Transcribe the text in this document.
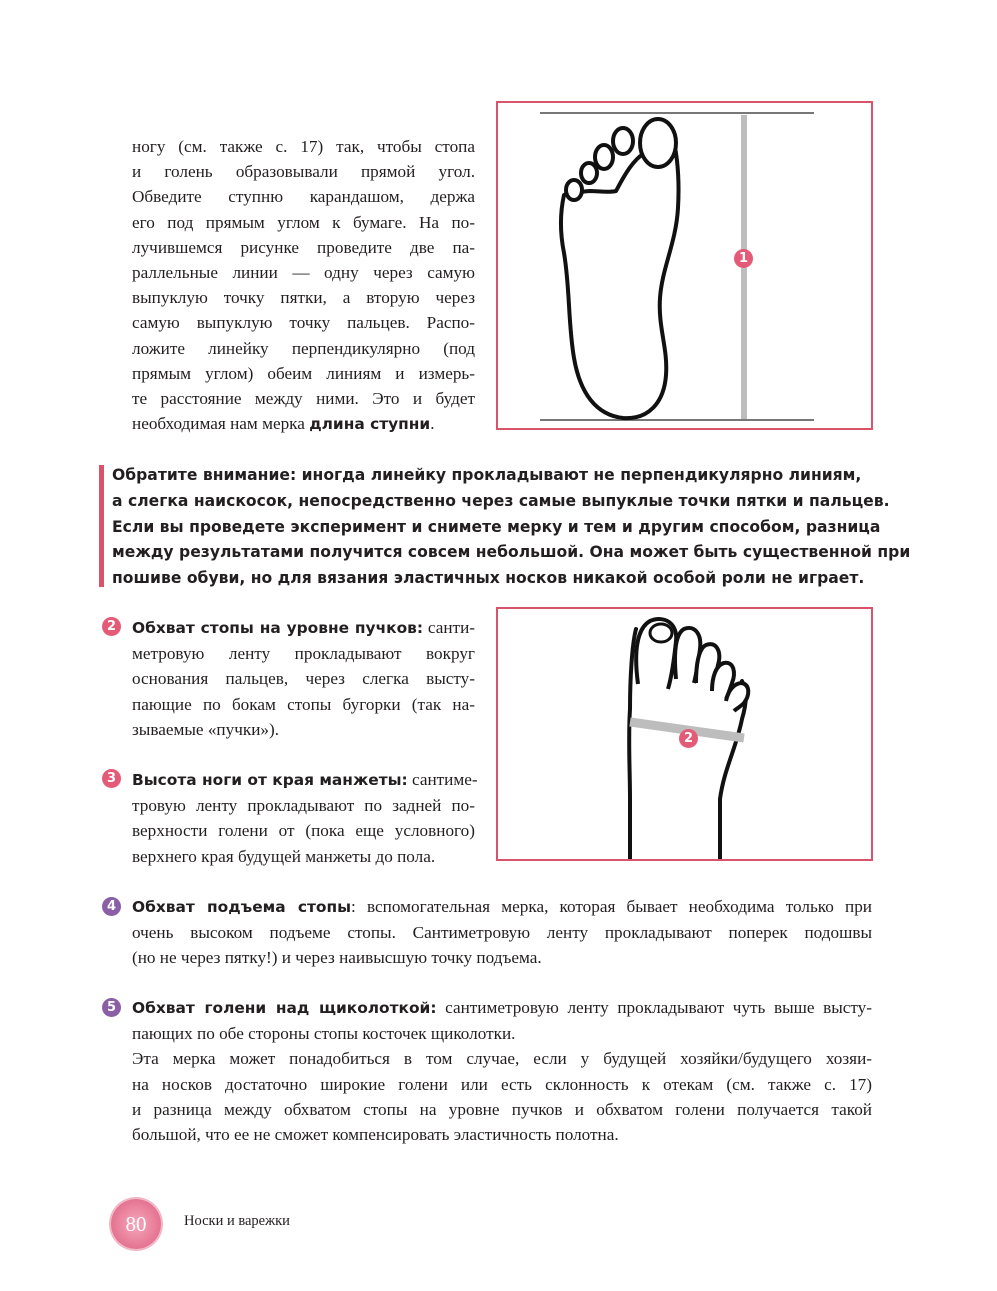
ногу (см. также с. 17) так, чтобы стопа
и голень образовывали прямой угол.
Обведите ступню карандашом, держа
его под прямым углом к бумаге. На по-
лучившемся рисунке проведите две па-
раллельные линии — одну через самую
выпуклую точку пятки, а вторую через
самую выпуклую точку пальцев. Распо-
ложите линейку перпендикулярно (под
прямым углом) обеим линиям и измерь-
те расстояние между ними. Это и будет
необходимая нам мерка длина ступни.
1
Обратите внимание: иногда линейку прокладывают не перпендикулярно линиям,
а слегка наискосок, непосредственно через самые выпуклые точки пятки и пальцев.
Если вы проведете эксперимент и снимете мерку и тем и другим способом, разница
между результатами получится совсем небольшой. Она может быть существенной при
пошиве обуви, но для вязания эластичных носков никакой особой роли не играет.
2	Обхват стопы на уровне пучков: санти-
метровую ленту прокладывают вокруг
основания пальцев, через слегка высту-
пающие по бокам стопы бугорки (так на-
зываемые «пучки»).	2
3	Высота ноги от края манжеты: сантиме-
тровую ленту прокладывают по задней по-
верхности голени от (пока еще условного)
верхнего края будущей манжеты до пола.
4	Обхват подъема стопы: вспомогательная мерка, которая бывает необходима только при
очень высоком подъеме стопы. Сантиметровую ленту прокладывают поперек подошвы
(но не через пятку!) и через наивысшую точку подъема.
5	Обхват голени над щиколоткой: сантиметровую ленту прокладывают чуть выше высту-
пающих по обе стороны стопы косточек щиколотки.
Эта мерка может понадобиться в том случае, если у будущей хозяйки/будущего хозяи-
на носков достаточно широкие голени или есть склонность к отекам (см. также с. 17)
и разница между обхватом стопы на уровне пучков и обхватом голени получается такой
большой, что ее не сможет компенсировать эластичность полотна.
80	Носки и варежки
